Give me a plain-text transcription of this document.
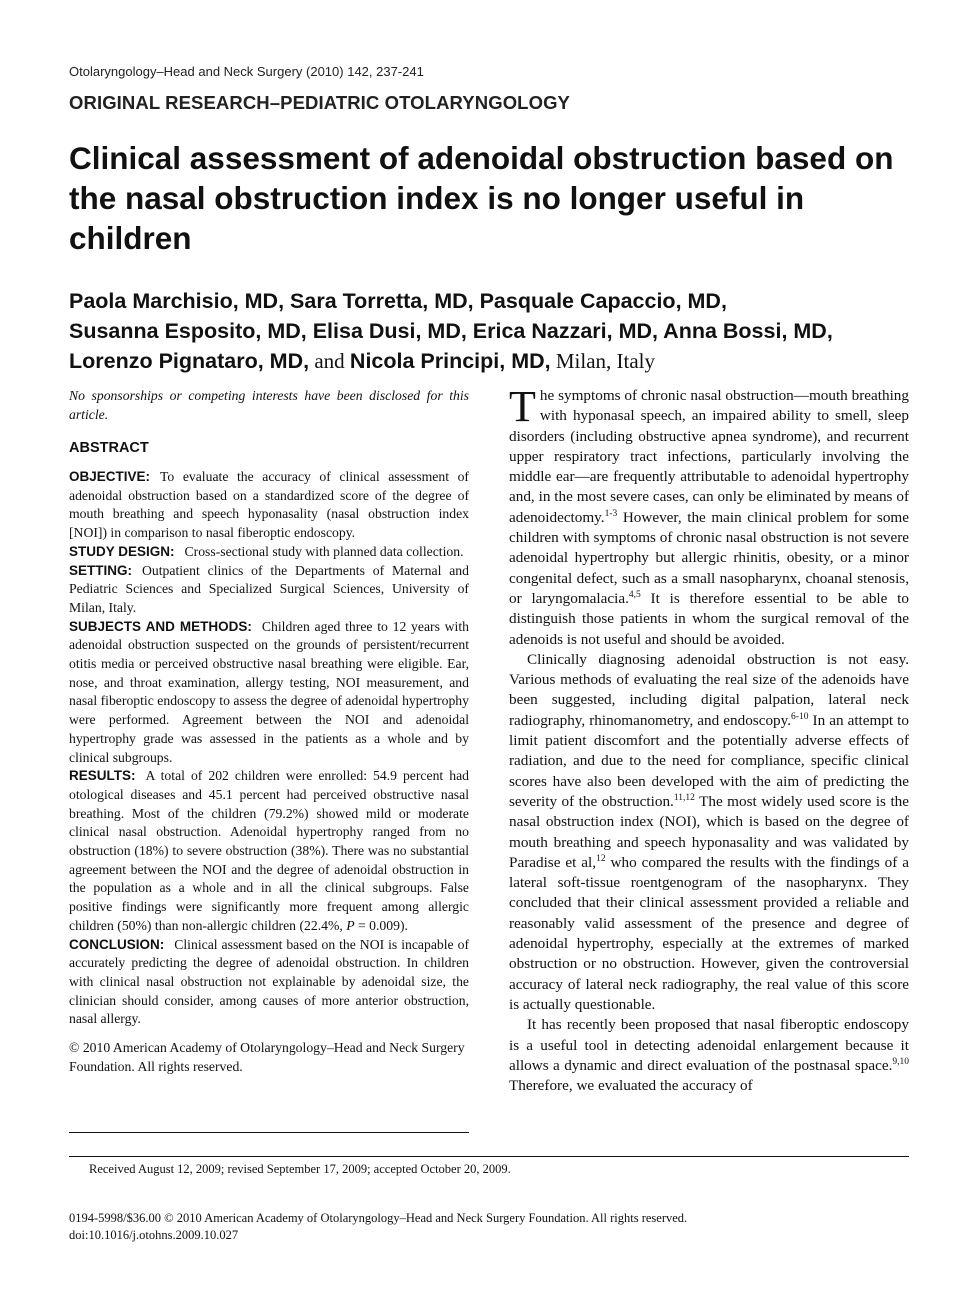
Otolaryngology–Head and Neck Surgery (2010) 142, 237-241
ORIGINAL RESEARCH–PEDIATRIC OTOLARYNGOLOGY
Clinical assessment of adenoidal obstruction based on the nasal obstruction index is no longer useful in children

Paola Marchisio, MD, Sara Torretta, MD, Pasquale Capaccio, MD,
Susanna Esposito, MD, Elisa Dusi, MD, Erica Nazzari, MD, Anna Bossi, MD,
Lorenzo Pignataro, MD, and Nicola Principi, MD, Milan, Italy

No sponsorships or competing interests have been disclosed for this article.

ABSTRACT

OBJECTIVE: To evaluate the accuracy of clinical assessment of adenoidal obstruction based on a standardized score of the degree of mouth breathing and speech hyponasality (nasal obstruction index [NOI]) in comparison to nasal fiberoptic endoscopy.

STUDY DESIGN: Cross-sectional study with planned data collection.

SETTING: Outpatient clinics of the Departments of Maternal and Pediatric Sciences and Specialized Surgical Sciences, University of Milan, Italy.

SUBJECTS AND METHODS: Children aged three to 12 years with adenoidal obstruction suspected on the grounds of persistent/recurrent otitis media or perceived obstructive nasal breathing were eligible. Ear, nose, and throat examination, allergy testing, NOI measurement, and nasal fiberoptic endoscopy to assess the degree of adenoidal hypertrophy were performed. Agreement between the NOI and adenoidal hypertrophy grade was assessed in the patients as a whole and by clinical subgroups.

RESULTS: A total of 202 children were enrolled: 54.9 percent had otological diseases and 45.1 percent had perceived obstructive nasal breathing. Most of the children (79.2%) showed mild or moderate clinical nasal obstruction. Adenoidal hypertrophy ranged from no obstruction (18%) to severe obstruction (38%). There was no substantial agreement between the NOI and the degree of adenoidal obstruction in the population as a whole and in all the clinical subgroups. False positive findings were significantly more frequent among allergic children (50%) than non-allergic children (22.4%, P = 0.009).

CONCLUSION: Clinical assessment based on the NOI is incapable of accurately predicting the degree of adenoidal obstruction. In children with clinical nasal obstruction not explainable by adenoidal size, the clinician should consider, among causes of more anterior obstruction, nasal allergy.

© 2010 American Academy of Otolaryngology–Head and Neck Surgery Foundation. All rights reserved.

The symptoms of chronic nasal obstruction—mouth breathing with hyponasal speech, an impaired ability to smell, sleep disorders (including obstructive apnea syndrome), and recurrent upper respiratory tract infections, particularly involving the middle ear—are frequently attributable to adenoidal hypertrophy and, in the most severe cases, can only be eliminated by means of adenoidectomy.$^{1-3}$ However, the main clinical problem for some children with symptoms of chronic nasal obstruction is not severe adenoidal hypertrophy but allergic rhinitis, obesity, or a minor congenital defect, such as a small nasopharynx, choanal stenosis, or laryngomalacia.$^{4,5}$ It is therefore essential to be able to distinguish those patients in whom the surgical removal of the adenoids is not useful and should be avoided.

Clinically diagnosing adenoidal obstruction is not easy. Various methods of evaluating the real size of the adenoids have been suggested, including digital palpation, lateral neck radiography, rhinomanometry, and endoscopy.$^{6-10}$ In an attempt to limit patient discomfort and the potentially adverse effects of radiation, and due to the need for compliance, specific clinical scores have also been developed with the aim of predicting the severity of the obstruction.$^{11,12}$ The most widely used score is the nasal obstruction index (NOI), which is based on the degree of mouth breathing and speech hyponasality and was validated by Paradise et al,$^{12}$ who compared the results with the findings of a lateral soft-tissue roentgenogram of the nasopharynx. They concluded that their clinical assessment provided a reliable and reasonably valid assessment of the presence and degree of adenoidal hypertrophy, especially at the extremes of marked obstruction or no obstruction. However, given the controversial accuracy of lateral neck radiography, the real value of this score is actually questionable.

It has recently been proposed that nasal fiberoptic endoscopy is a useful tool in detecting adenoidal enlargement because it allows a dynamic and direct evaluation of the postnasal space.$^{9,10}$ Therefore, we evaluated the accuracy of

Received August 12, 2009; revised September 17, 2009; accepted October 20, 2009.
0194-5998/$36.00 © 2010 American Academy of Otolaryngology–Head and Neck Surgery Foundation. All rights reserved.
doi:10.1016/j.otohns.2009.10.027
